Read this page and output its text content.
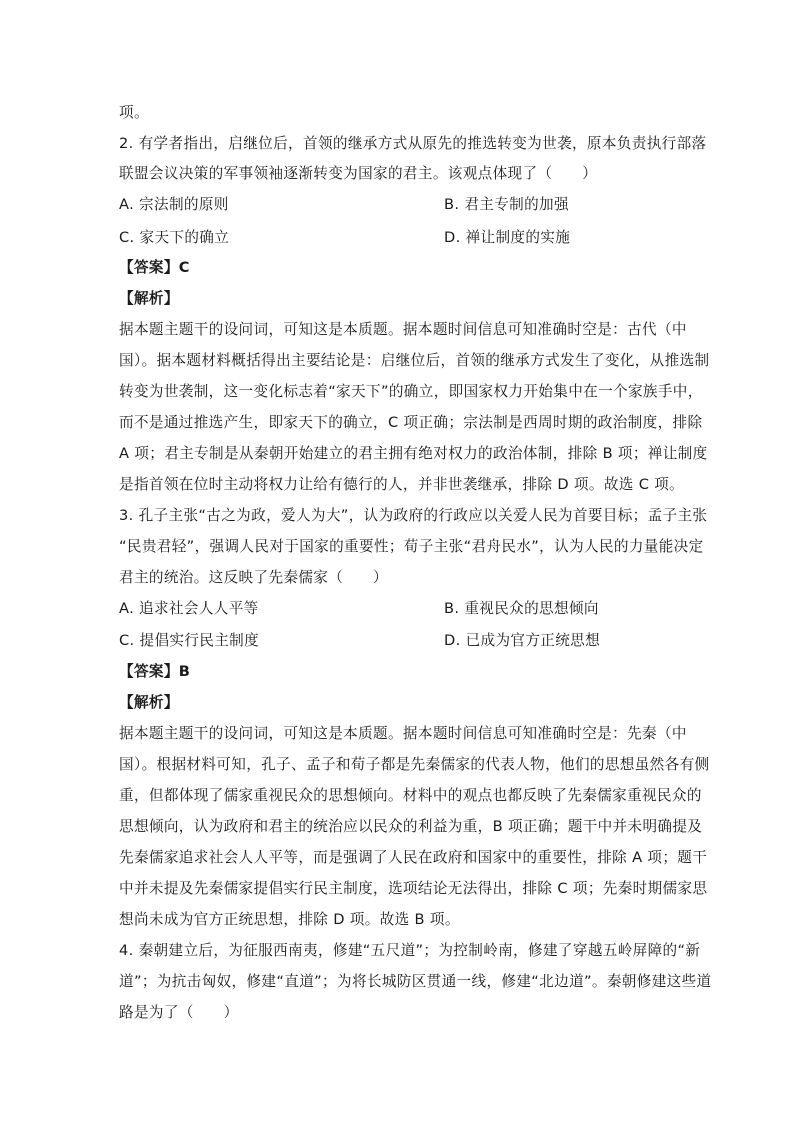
项。
2. 有学者指出，启继位后，首领的继承方式从原先的推选转变为世袭，原本负责执行部落
联盟会议决策的军事领袖逐渐转变为国家的君主。该观点体现了（　　）
A. 宗法制的原则	B. 君主专制的加强
C. 家天下的确立	D. 禅让制度的实施
【答案】C
【解析】
据本题主题干的设问词，可知这是本质题。据本题时间信息可知准确时空是：古代（中
国）。据本题材料概括得出主要结论是：启继位后，首领的继承方式发生了变化，从推选制
转变为世袭制，这一变化标志着“家天下”的确立，即国家权力开始集中在一个家族手中，
而不是通过推选产生，即家天下的确立，C 项正确；宗法制是西周时期的政治制度，排除
A 项；君主专制是从秦朝开始建立的君主拥有绝对权力的政治体制，排除 B 项；禅让制度
是指首领在位时主动将权力让给有德行的人，并非世袭继承，排除 D 项。故选 C 项。
3. 孔子主张“古之为政，爱人为大”，认为政府的行政应以关爱人民为首要目标；孟子主张
“民贵君轻”，强调人民对于国家的重要性；荀子主张“君舟民水”，认为人民的力量能决定
君主的统治。这反映了先秦儒家（　　）
A. 追求社会人人平等	B. 重视民众的思想倾向
C. 提倡实行民主制度	D. 已成为官方正统思想
【答案】B
【解析】
据本题主题干的设问词，可知这是本质题。据本题时间信息可知准确时空是：先秦（中
国）。根据材料可知，孔子、孟子和荀子都是先秦儒家的代表人物，他们的思想虽然各有侧
重，但都体现了儒家重视民众的思想倾向。材料中的观点也都反映了先秦儒家重视民众的
思想倾向，认为政府和君主的统治应以民众的利益为重，B 项正确；题干中并未明确提及
先秦儒家追求社会人人平等，而是强调了人民在政府和国家中的重要性，排除 A 项；题干
中并未提及先秦儒家提倡实行民主制度，选项结论无法得出，排除 C 项；先秦时期儒家思
想尚未成为官方正统思想，排除 D 项。故选 B 项。
4. 秦朝建立后，为征服西南夷，修建“五尺道”；为控制岭南，修建了穿越五岭屏障的“新
道”；为抗击匈奴，修建“直道”；为将长城防区贯通一线，修建“北边道”。秦朝修建这些道
路是为了（　　）
